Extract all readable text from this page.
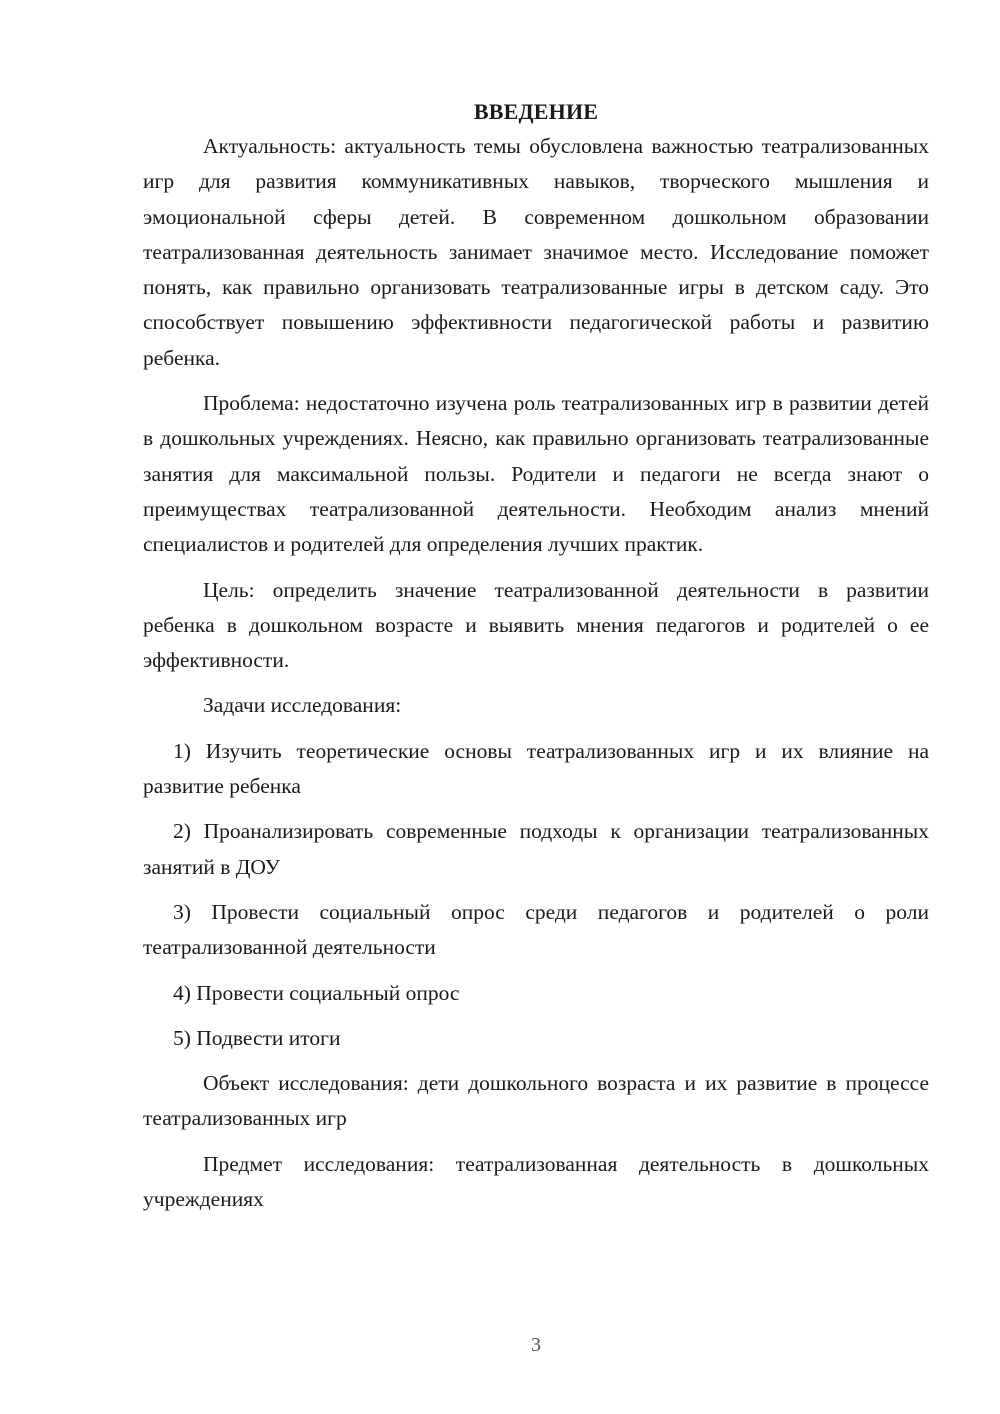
ВВЕДЕНИЕ

Актуальность: актуальность темы обусловлена важностью театрализованных игр для развития коммуникативных навыков, творческого мышления и эмоциональной сферы детей. В современном дошкольном образовании театрализованная деятельность занимает значимое место. Исследование поможет понять, как правильно организовать театрализованные игры в детском саду. Это способствует повышению эффективности педагогической работы и развитию ребенка.

Проблема: недостаточно изучена роль театрализованных игр в развитии детей в дошкольных учреждениях. Неясно, как правильно организовать театрализованные занятия для максимальной пользы. Родители и педагоги не всегда знают о преимуществах театрализованной деятельности. Необходим анализ мнений специалистов и родителей для определения лучших практик.

Цель: определить значение театрализованной деятельности в развитии ребенка в дошкольном возрасте и выявить мнения педагогов и родителей о ее эффективности.

Задачи исследования:

1) Изучить теоретические основы театрализованных игр и их влияние на развитие ребенка

2) Проанализировать современные подходы к организации театрализованных занятий в ДОУ

3) Провести социальный опрос среди педагогов и родителей о роли театрализованной деятельности

4) Провести социальный опрос

5) Подвести итоги

Объект исследования: дети дошкольного возраста и их развитие в процессе театрализованных игр

Предмет исследования: театрализованная деятельность в дошкольных учреждениях

3
